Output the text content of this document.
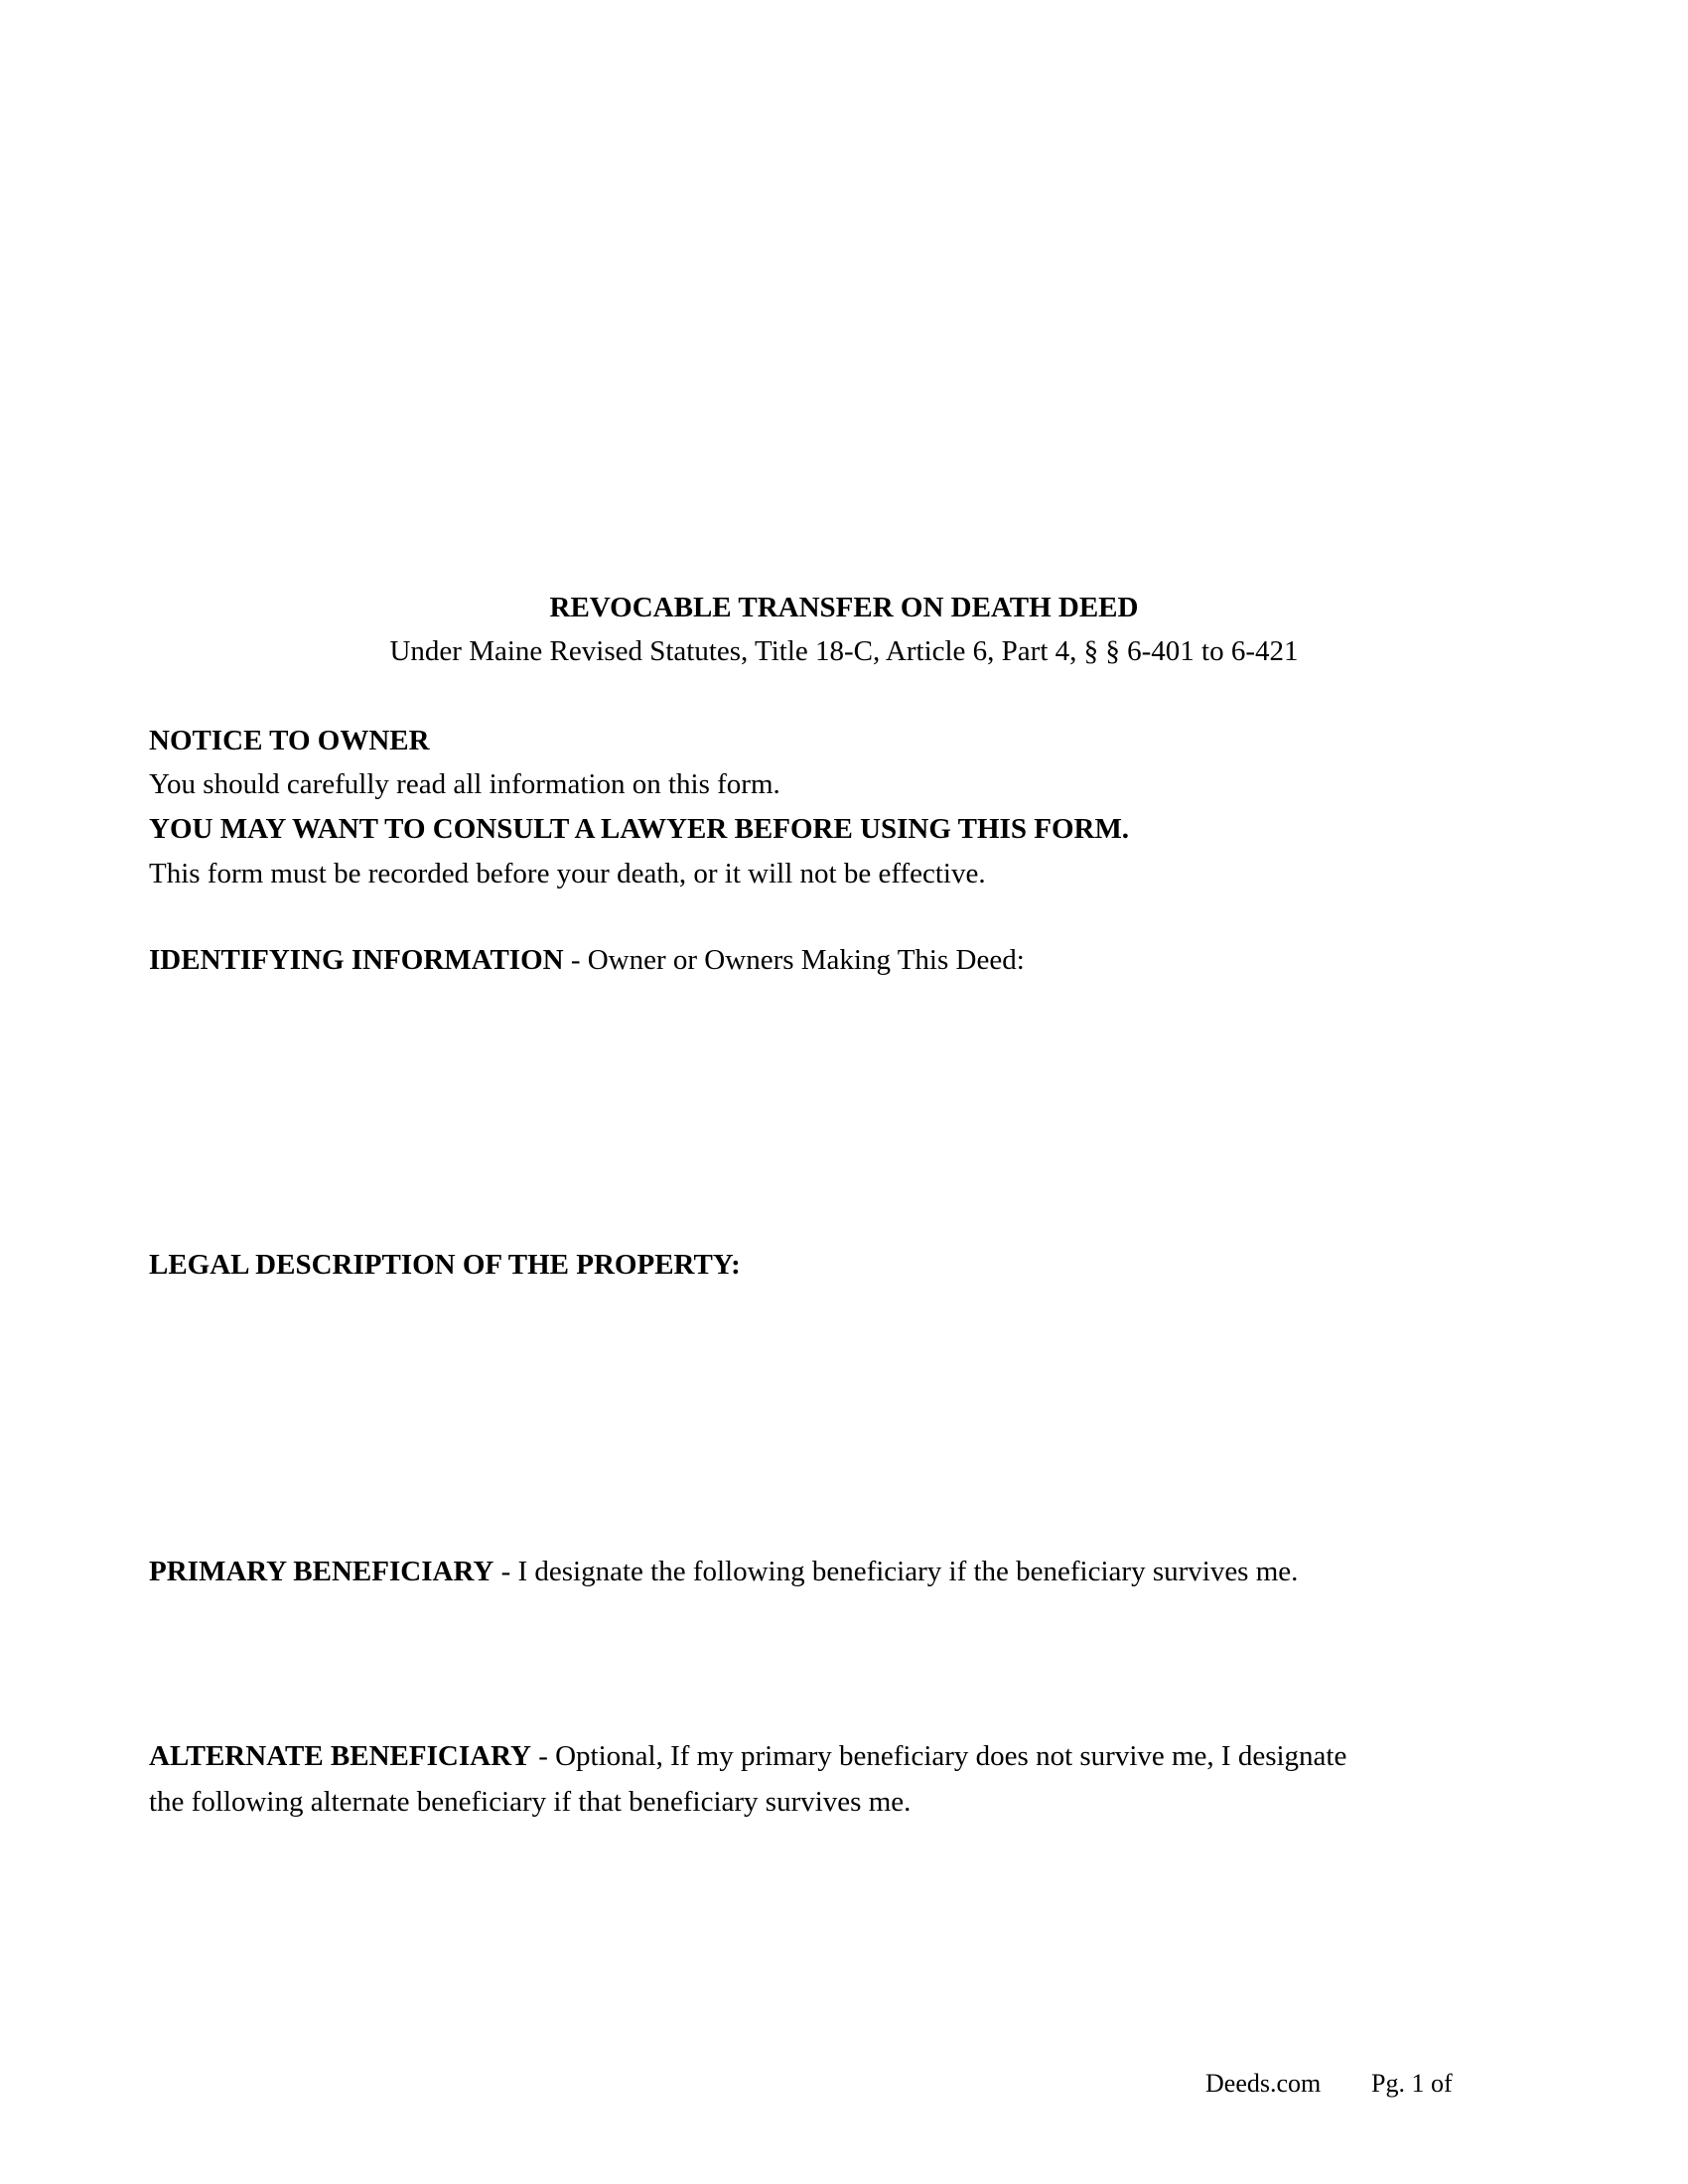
REVOCABLE TRANSFER ON DEATH DEED
Under Maine Revised Statutes, Title 18-C, Article 6, Part 4, § § 6-401 to 6-421
NOTICE TO OWNER
You should carefully read all information on this form.
YOU MAY WANT TO CONSULT A LAWYER BEFORE USING THIS FORM.
This form must be recorded before your death, or it will not be effective.
IDENTIFYING INFORMATION - Owner or Owners Making This Deed:
LEGAL DESCRIPTION OF THE PROPERTY:
PRIMARY BENEFICIARY - I designate the following beneficiary if the beneficiary survives me.
ALTERNATE BENEFICIARY - Optional, If my primary beneficiary does not survive me, I designate
the following alternate beneficiary if that beneficiary survives me.
Deeds.com Pg. 1 of
